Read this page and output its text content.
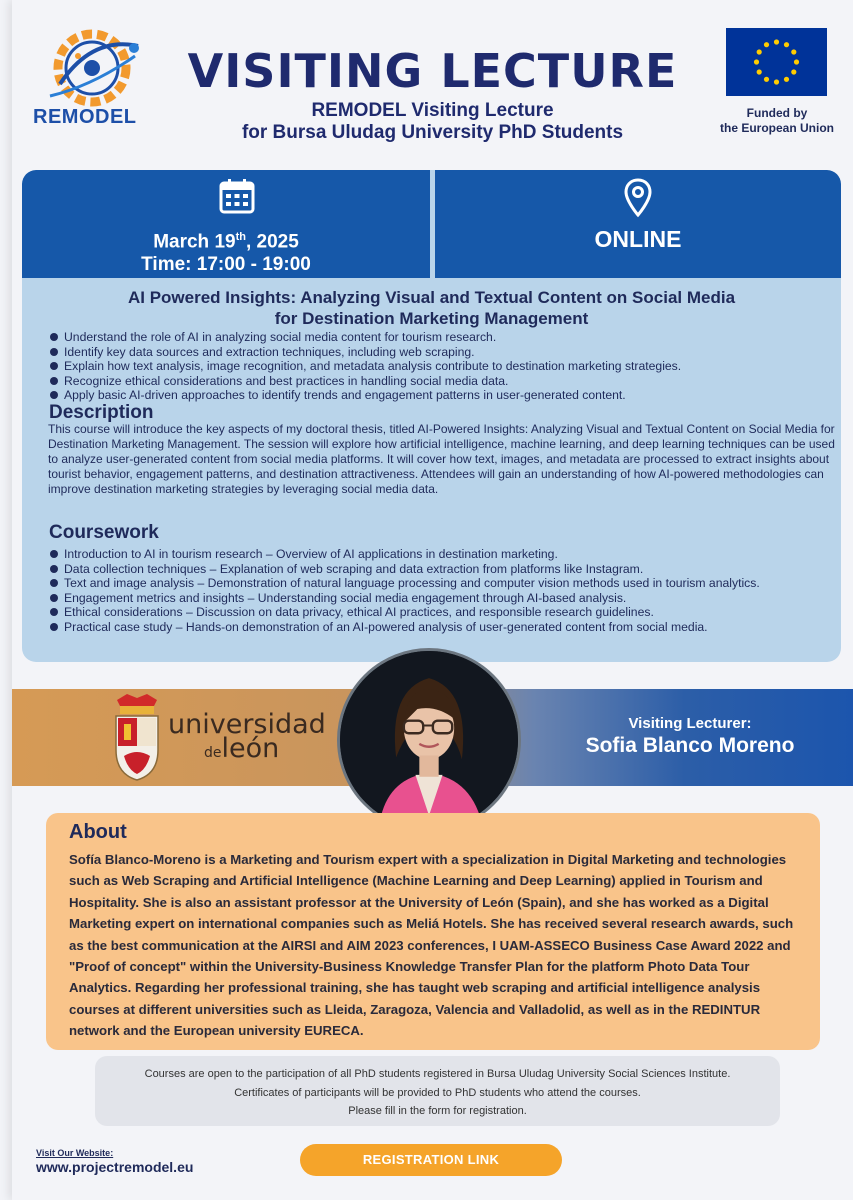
REMODEL
VISITING LECTURE
REMODEL Visiting Lecture
for Bursa Uludag University PhD Students
Funded by
the European Union
March 19th, 2025
Time: 17:00 - 19:00
ONLINE
AI Powered Insights: Analyzing Visual and Textual Content on Social Media
for Destination Marketing Management
Understand the role of AI in analyzing social media content for tourism research.
Identify key data sources and extraction techniques, including web scraping.
Explain how text analysis, image recognition, and metadata analysis contribute to destination marketing strategies.
Recognize ethical considerations and best practices in handling social media data.
Apply basic AI-driven approaches to identify trends and engagement patterns in user-generated content.
Description
This course will introduce the key aspects of my doctoral thesis, titled AI-Powered Insights: Analyzing Visual and Textual Content on Social Media for Destination Marketing Management. The session will explore how artificial intelligence, machine learning, and deep learning techniques can be used to analyze user-generated content from social media platforms. It will cover how text, images, and metadata are processed to extract insights about tourist behavior, engagement patterns, and destination attractiveness. Attendees will gain an understanding of how AI-powered methodologies can improve destination marketing strategies by leveraging social media data.
Coursework
Introduction to AI in tourism research – Overview of AI applications in destination marketing.
Data collection techniques – Explanation of web scraping and data extraction from platforms like Instagram.
Text and image analysis – Demonstration of natural language processing and computer vision methods used in tourism analytics.
Engagement metrics and insights – Understanding social media engagement through AI-based analysis.
Ethical considerations – Discussion on data privacy, ethical AI practices, and responsible research guidelines.
Practical case study – Hands-on demonstration of an AI-powered analysis of user-generated content from social media.
universidad
deleón
Visiting Lecturer:
Sofia Blanco Moreno
About

Sofía Blanco-Moreno is a Marketing and Tourism expert with a specialization in Digital Marketing and technologies such as Web Scraping and Artificial Intelligence (Machine Learning and Deep Learning) applied in Tourism and Hospitality. She is also an assistant professor at the University of León (Spain), and she has worked as a Digital Marketing expert on international companies such as Meliá Hotels. She has received several research awards, such as the best communication at the AIRSI and AIM 2023 conferences, I UAM-ASSECO Business Case Award 2022 and "Proof of concept" within the University-Business Knowledge Transfer Plan for the platform Photo Data Tour Analytics. Regarding her professional training, she has taught web scraping and artificial intelligence analysis courses at different universities such as Lleida, Zaragoza, Valencia and Valladolid, as well as in the REDINTUR network and the European university EURECA.

Courses are open to the participation of all PhD students registered in Bursa Uludag University Social Sciences Institute.
Certificates of participants will be provided to PhD students who attend the courses.
Please fill in the form for registration.
Visit Our Website:
www.projectremodel.eu	REGISTRATION LINK
